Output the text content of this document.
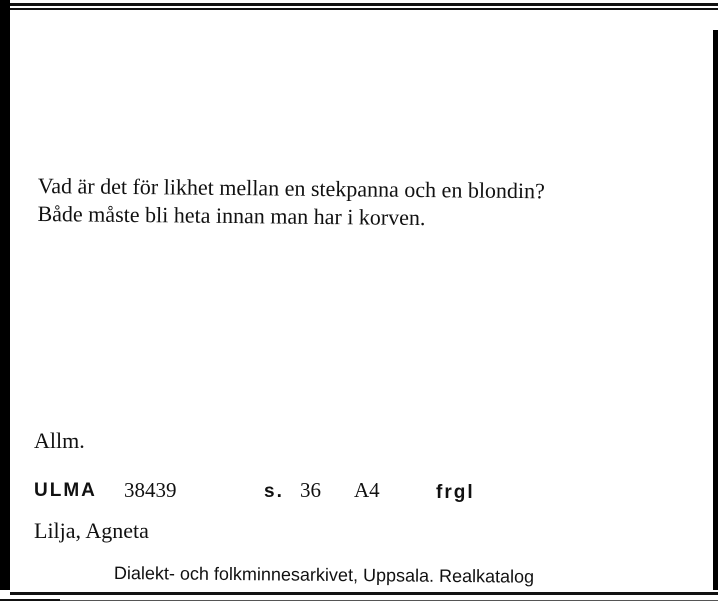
Vad är det för likhet mellan en stekpanna och en blondin?
Både måste bli heta innan man har i korven.
Allm.
ULMA 38439	s. 36 A4	frgl
Lilja, Agneta
Dialekt- och folkminnesarkivet, Uppsala. Realkatalog
